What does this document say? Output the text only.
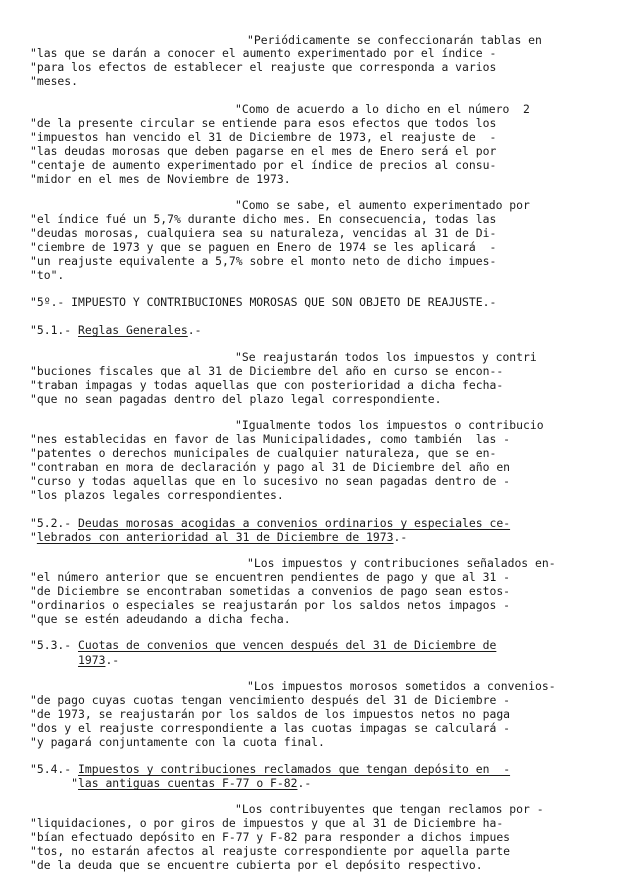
"Periódicamente se confeccionarán tablas en
"las que se darán a conocer el aumento experimentado por el índice -
"para los efectos de establecer el reajuste que corresponda a varios
"meses.
"Como de acuerdo a lo dicho en el número  2
"de la presente circular se entiende para esos efectos que todos los
"impuestos han vencido el 31 de Diciembre de 1973, el reajuste de  -
"las deudas morosas que deben pagarse en el mes de Enero será el por
"centaje de aumento experimentado por el índice de precios al consu-
"midor en el mes de Noviembre de 1973.
"Como se sabe, el aumento experimentado por
"el índice fué un 5,7% durante dicho mes. En consecuencia, todas las
"deudas morosas, cualquiera sea su naturaleza, vencidas al 31 de Di-
"ciembre de 1973 y que se paguen en Enero de 1974 se les aplicará  -
"un reajuste equivalente a 5,7% sobre el monto neto de dicho impues-
"to".
"5º.- IMPUESTO Y CONTRIBUCIONES MOROSAS QUE SON OBJETO DE REAJUSTE.-
"5.1.- Reglas Generales.-
"Se reajustarán todos los impuestos y contri
"buciones fiscales que al 31 de Diciembre del año en curso se encon--
"traban impagas y todas aquellas que con posterioridad a dicha fecha-
"que no sean pagadas dentro del plazo legal correspondiente.
"Igualmente todos los impuestos o contribucio
"nes establecidas en favor de las Municipalidades, como también  las -
"patentes o derechos municipales de cualquier naturaleza, que se en-
"contraban en mora de declaración y pago al 31 de Diciembre del año en
"curso y todas aquellas que en lo sucesivo no sean pagadas dentro de -
"los plazos legales correspondientes.
"5.2.- Deudas morosas acogidas a convenios ordinarios y especiales ce-
"lebrados con anterioridad al 31 de Diciembre de 1973.-
"Los impuestos y contribuciones señalados en-
"el número anterior que se encuentren pendientes de pago y que al 31 -
"de Diciembre se encontraban sometidas a convenios de pago sean estos-
"ordinarios o especiales se reajustarán por los saldos netos impagos -
"que se estén adeudando a dicha fecha.
"5.3.- Cuotas de convenios que vencen después del 31 de Diciembre de
1973.-
"Los impuestos morosos sometidos a convenios-
"de pago cuyas cuotas tengan vencimiento después del 31 de Diciembre -
"de 1973, se reajustarán por los saldos de los impuestos netos no paga
"dos y el reajuste correspondiente a las cuotas impagas se calculará -
"y pagará conjuntamente con la cuota final.
"5.4.- Impuestos y contribuciones reclamados que tengan depósito en  -
"las antiguas cuentas F-77 o F-82.-
"Los contribuyentes que tengan reclamos por -
"liquidaciones, o por giros de impuestos y que al 31 de Diciembre ha-
"bían efectuado depósito en F-77 y F-82 para responder a dichos impues
"tos, no estarán afectos al reajuste correspondiente por aquella parte
"de la deuda que se encuentre cubierta por el depósito respectivo.
